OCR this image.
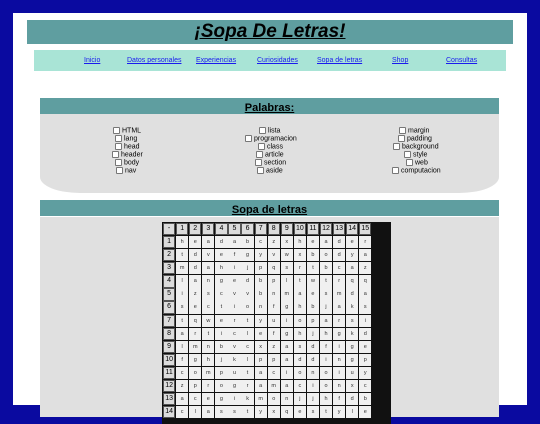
¡Sopa De Letras!
Inicio	Datos personales Experiencias	Curiosidades	Sopa de letras	Shop	Consultas
Palabras:
HTML
lang
head
header
body
nav
lista
programacion
class
article
section
aside
margin
padding
background
style
web
computacion
Sopa de letras
-	1	2	3	4	5	6	7	8	9	10 11 12 13 14 15
1	h	e	a	d	a	b	c	z	x	h	e	a	d	e	r
2	t	d	v	e	f	g	y	v	w	x	b	o	d	y	a
3	m	d	a	h	i	j	p	q	s	r	t	b	c	a	z
4	l	a	n	g	e	d	b	p	l	t	w	t	r	q	q
5	i	z	s	c	v	v	b	n	m	a	e	s	m	d	a
6	s	e	c	t	i	o	n	f	g	h	b	j	a	k	s
7	t	q	w	e	r	t	y	u	i	o	p	a	r	s	i
8	a	r	t	i	c	l	e	f	g	h	j	h	g	k	d
9	l	m	n	b	v	c	x	z	a	s	d	f	i	g	e
10	f	g	h	j	k	l	p	p	a	d	d	i	n	g	p
11	c	o	m	p	u	t	a	c	i	o	n	o	i	u	y
12	z	p	r	o	g	r	a	m	a	c	i	o	n	x	c
13	a	c	e	g	i	k	m	o	n	j	j	h	f	d	b
14	c	l	a	s	s	t	y	x	q	e	s	t	y	l	e
